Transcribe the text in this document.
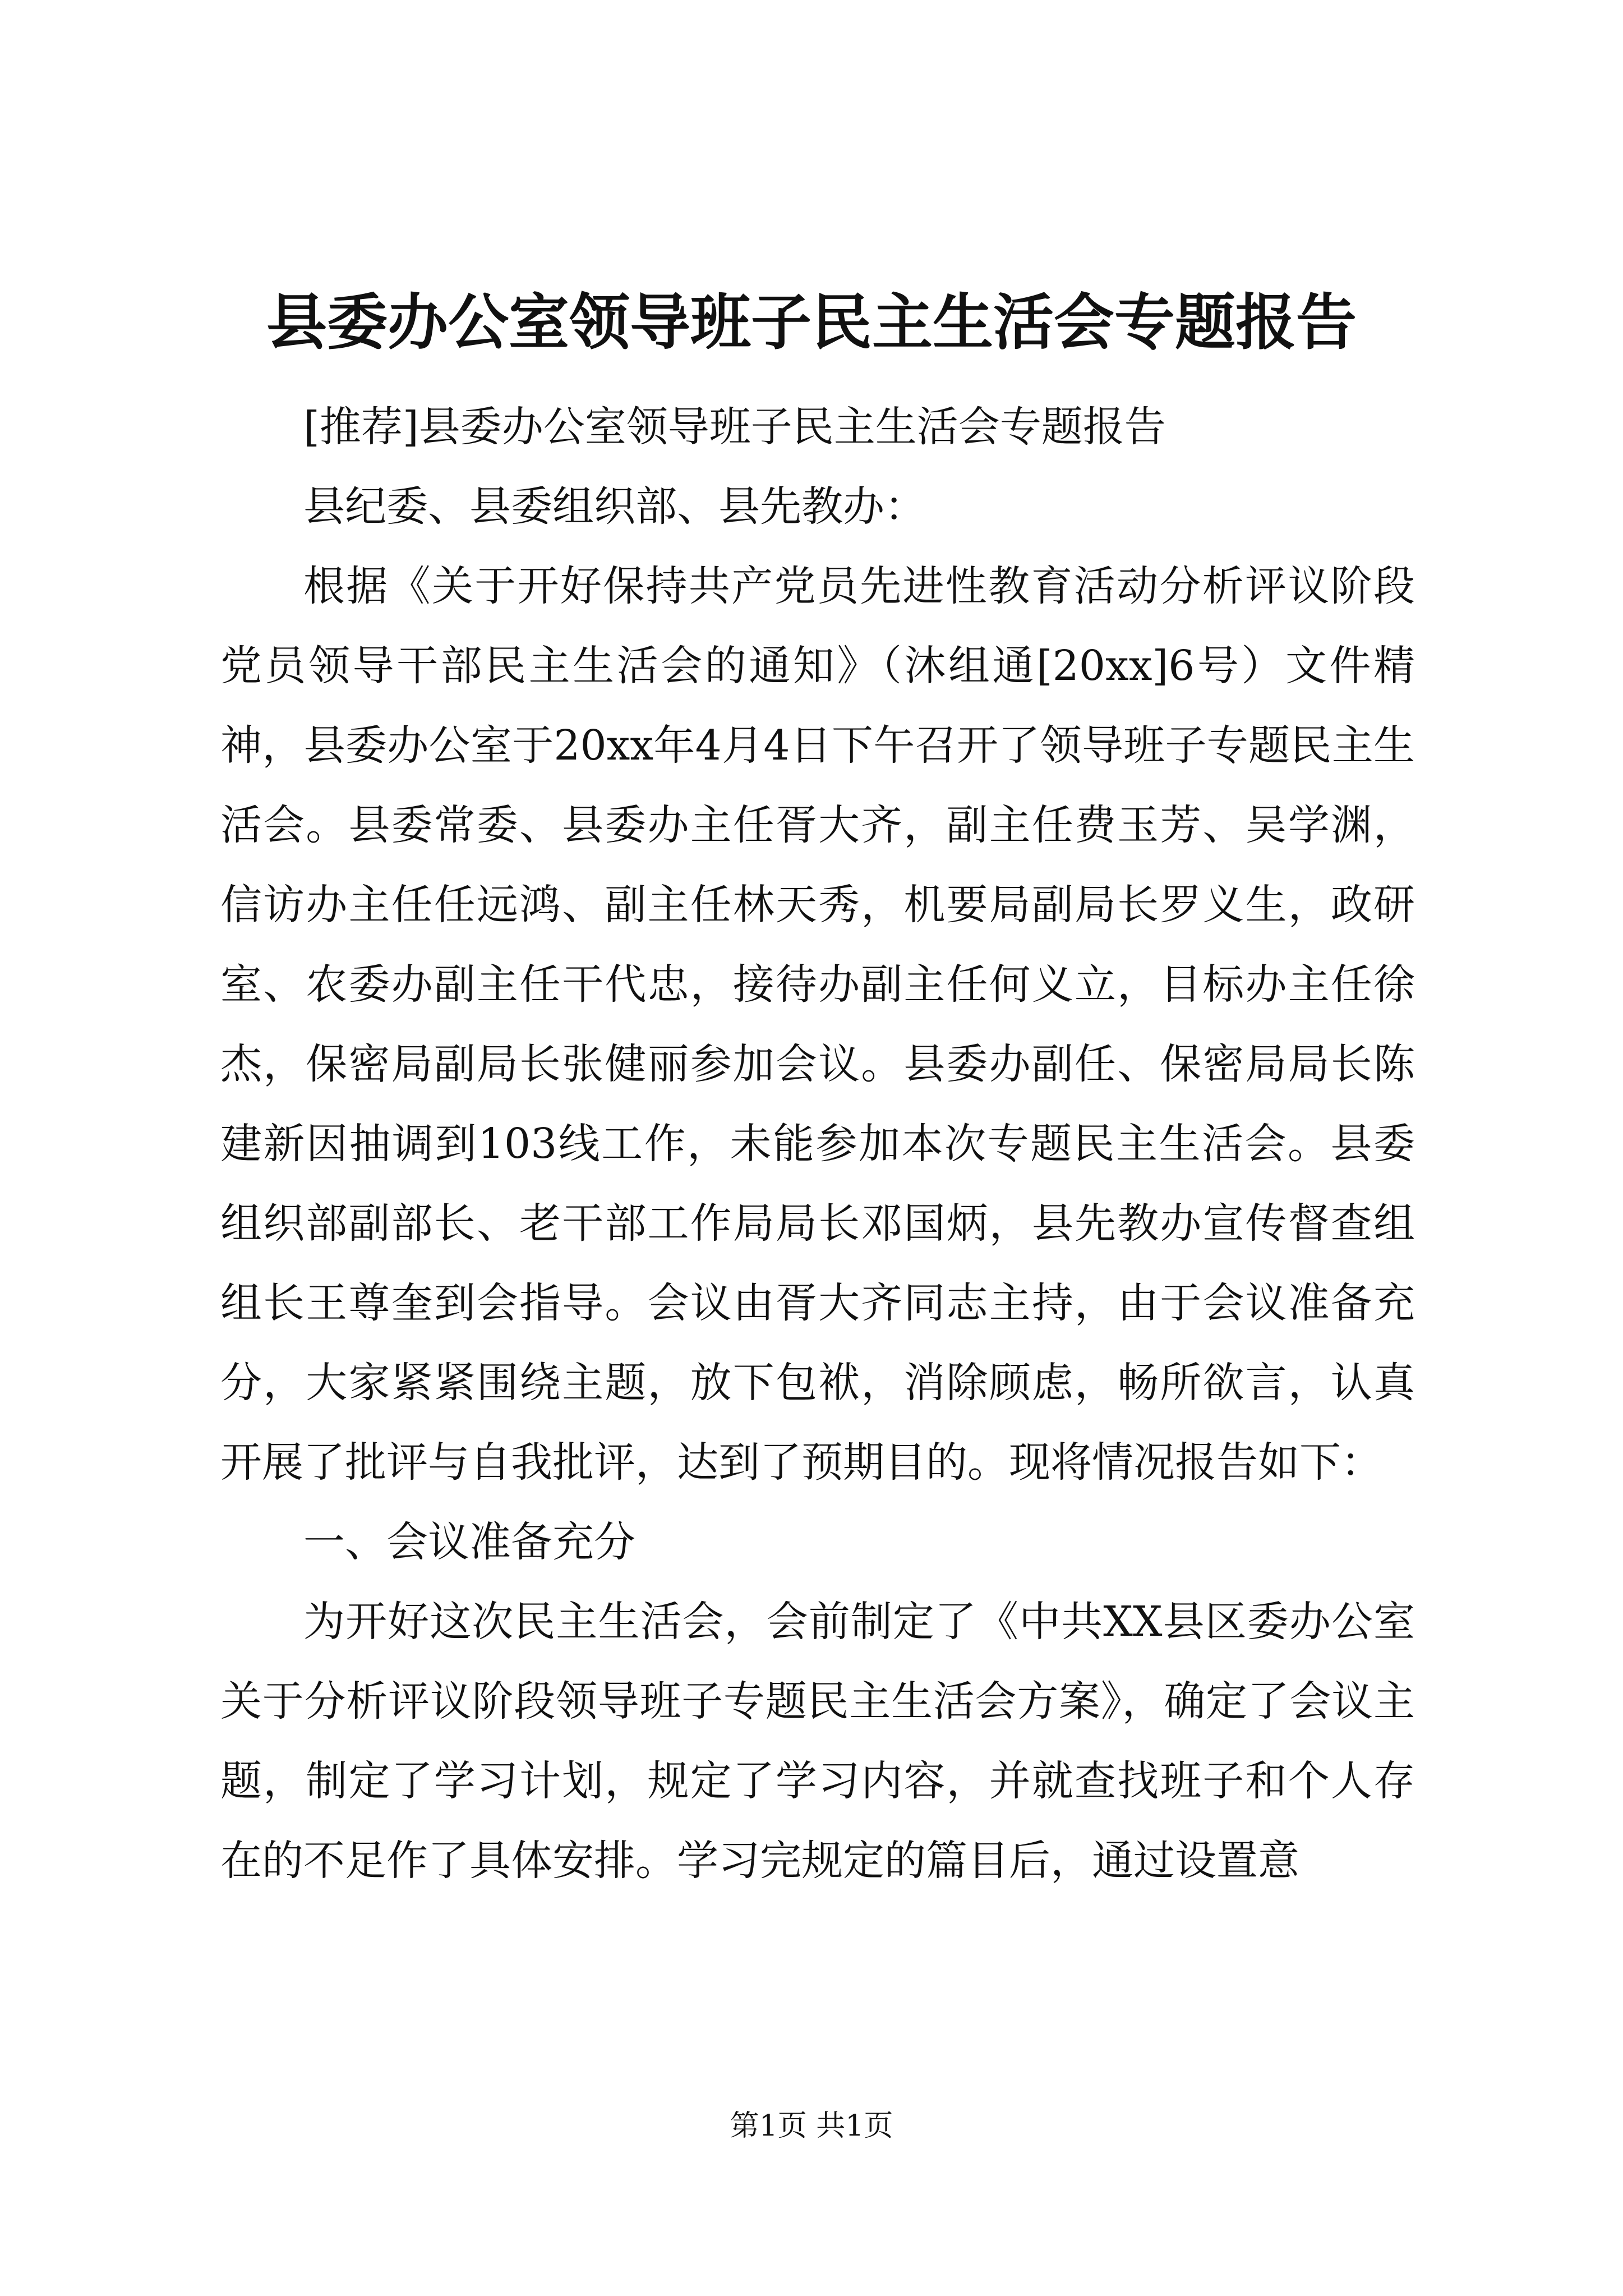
县委办公室领导班子民主生活会专题报告

[推荐]县委办公室领导班子民主生活会专题报告

县纪委、县委组织部、县先教办：

根据《关于开好保持共产党员先进性教育活动分析评议阶段党员领导干部民主生活会的通知》（沐组通[20xx]6号）文件精神，县委办公室于20xx年4月4日下午召开了领导班子专题民主生活会。县委常委、县委办主任胥大齐，副主任费玉芳、吴学渊，信访办主任任远鸿、副主任林天秀，机要局副局长罗义生，政研室、农委办副主任干代忠，接待办副主任何义立，目标办主任徐杰，保密局副局长张健丽参加会议。县委办副任、保密局局长陈建新因抽调到103线工作，未能参加本次专题民主生活会。县委组织部副部长、老干部工作局局长邓国炳，县先教办宣传督查组组长王尊奎到会指导。会议由胥大齐同志主持，由于会议准备充分，大家紧紧围绕主题，放下包袱，消除顾虑，畅所欲言，认真开展了批评与自我批评，达到了预期目的。现将情况报告如下：

一、会议准备充分

为开好这次民主生活会，会前制定了《中共XX县区委办公室关于分析评议阶段领导班子专题民主生活会方案》，确定了会议主题，制定了学习计划，规定了学习内容，并就查找班子和个人存在的不足作了具体安排。学习完规定的篇目后，通过设置意

第1页 共1页
